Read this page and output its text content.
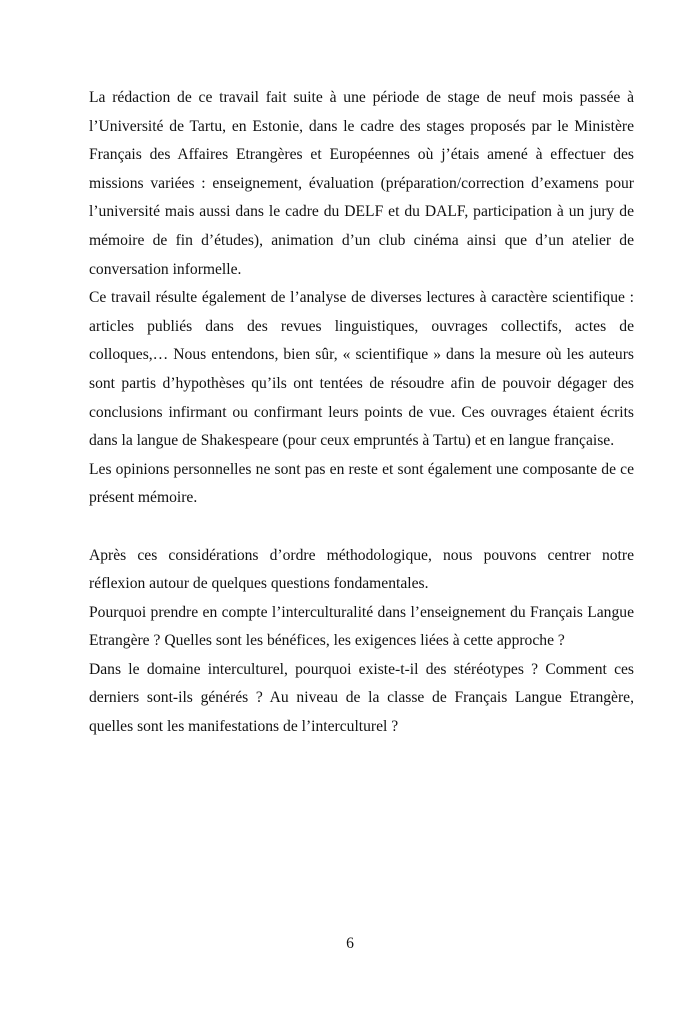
La rédaction de ce travail fait suite à une période de stage de neuf mois passée à l’Université de Tartu, en Estonie, dans le cadre des stages proposés par le Ministère Français des Affaires Etrangères et Européennes où j’étais amené à effectuer des missions variées : enseignement, évaluation (préparation/correction d’examens pour l’université mais aussi dans le cadre du DELF et du DALF, participation à un jury de mémoire de fin d’études), animation d’un club cinéma ainsi que d’un atelier de conversation informelle.

Ce travail résulte également de l’analyse de diverses lectures à caractère scientifique : articles publiés dans des revues linguistiques, ouvrages collectifs, actes de colloques,… Nous entendons, bien sûr, « scientifique » dans la mesure où les auteurs sont partis d’hypothèses qu’ils ont tentées de résoudre afin de pouvoir dégager des conclusions infirmant ou confirmant leurs points de vue. Ces ouvrages étaient écrits dans la langue de Shakespeare (pour ceux empruntés à Tartu) et en langue française.

Les opinions personnelles ne sont pas en reste et sont également une composante de ce présent mémoire.

Après ces considérations d’ordre méthodologique, nous pouvons centrer notre réflexion autour de quelques questions fondamentales.

Pourquoi prendre en compte l’interculturalité dans l’enseignement du Français Langue Etrangère ? Quelles sont les bénéfices, les exigences liées à cette approche ?

Dans le domaine interculturel, pourquoi existe-t-il des stéréotypes ? Comment ces derniers sont-ils générés ? Au niveau de la classe de Français Langue Etrangère, quelles sont les manifestations de l’interculturel ?

6
